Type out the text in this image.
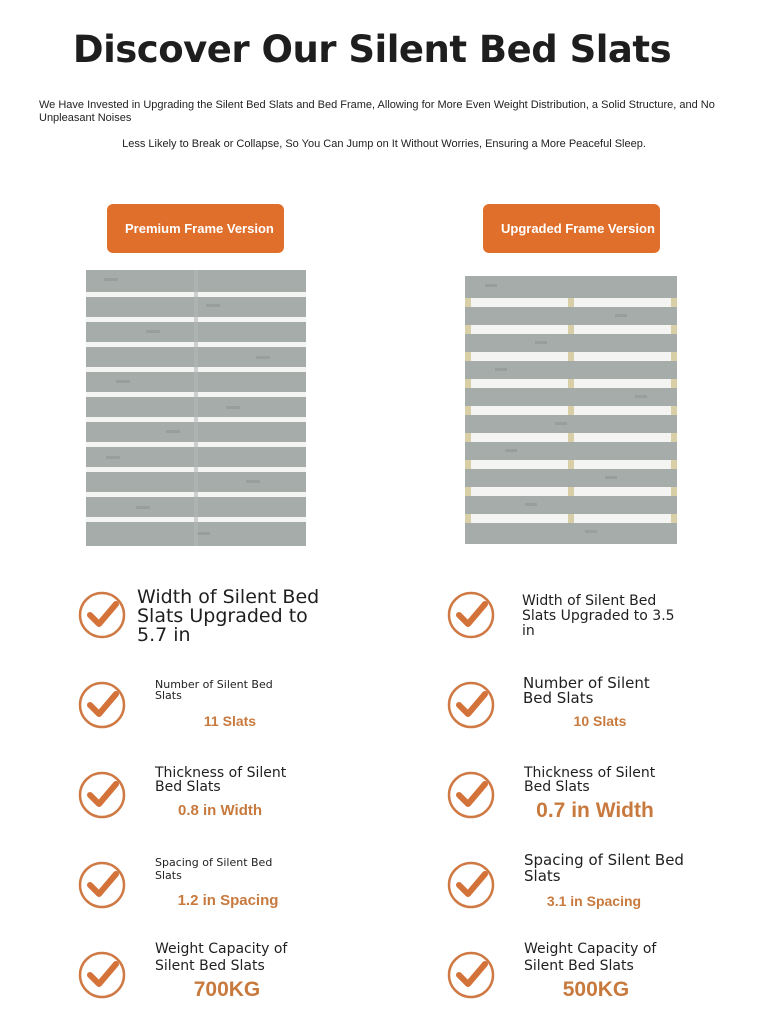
Discover Our Silent Bed Slats
We Have Invested in Upgrading the Silent Bed Slats and Bed Frame, Allowing for More Even Weight Distribution, a Solid Structure, and No Unpleasant Noises
Less Likely to Break or Collapse, So You Can Jump on It Without Worries, Ensuring a More Peaceful Sleep.
Premium Frame Version	Upgraded Frame Version
Width of Silent Bed Slats Upgraded to 5.7 in
Number of Silent Bed Slats
11 Slats
Thickness of Silent Bed Slats
0.8 in Width
Spacing of Silent Bed Slats
1.2 in Spacing
Weight Capacity of Silent Bed Slats
700KG
Width of Silent Bed Slats Upgraded to 3.5 in
Number of Silent Bed Slats
10 Slats
Thickness of Silent Bed Slats
0.7 in Width
Spacing of Silent Bed Slats
3.1 in Spacing
Weight Capacity of Silent Bed Slats
500KG
